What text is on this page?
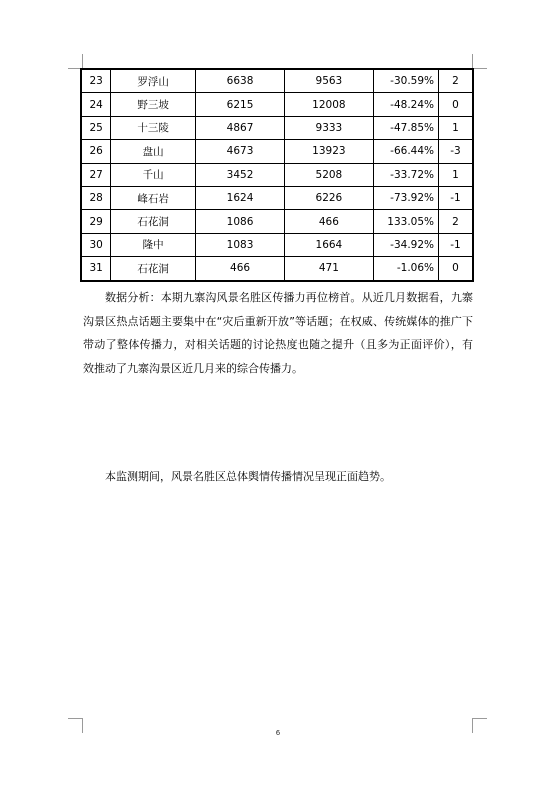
23	罗浮山	6638	9563	-30.59%	2
24	野三坡	6215	12008	-48.24%	0
25	十三陵	4867	9333	-47.85%	1
26	盘山	4673	13923	-66.44%	-3
27	千山	3452	5208	-33.72%	1
28	峰石岩	1624	6226	-73.92%	-1
29	石花洞	1086	466	133.05%	2
30	隆中	1083	1664	-34.92%	-1
31	石花洞	466	471	-1.06%	0

数据分析：本期九寨沟风景名胜区传播力再位榜首。从近几月数据看，九寨沟景区热点话题主要集中在“灾后重新开放”等话题；在权威、传统媒体的推广下带动了整体传播力，对相关话题的讨论热度也随之提升（且多为正面评价），有效推动了九寨沟景区近几月来的综合传播力。

本监测期间，风景名胜区总体舆情传播情况呈现正面趋势。

6
